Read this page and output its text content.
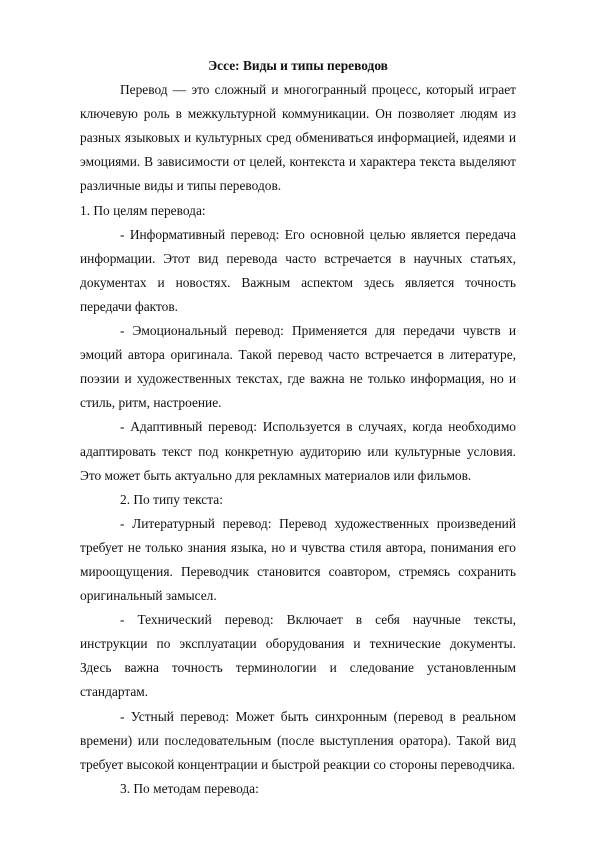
Эссе: Виды и типы переводов

Перевод — это сложный и многогранный процесс, который играет ключевую роль в межкультурной коммуникации. Он позволяет людям из разных языковых и культурных сред обмениваться информацией, идеями и эмоциями. В зависимости от целей, контекста и характера текста выделяют различные виды и типы переводов.

1. По целям перевода:

- Информативный перевод: Его основной целью является передача информации. Этот вид перевода часто встречается в научных статьях, документах и новостях. Важным аспектом здесь является точность передачи фактов.

- Эмоциональный перевод: Применяется для передачи чувств и эмоций автора оригинала. Такой перевод часто встречается в литературе, поэзии и художественных текстах, где важна не только информация, но и стиль, ритм, настроение.

- Адаптивный перевод: Используется в случаях, когда необходимо адаптировать текст под конкретную аудиторию или культурные условия. Это может быть актуально для рекламных материалов или фильмов.

2. По типу текста:

- Литературный перевод: Перевод художественных произведений требует не только знания языка, но и чувства стиля автора, понимания его мироощущения. Переводчик становится соавтором, стремясь сохранить оригинальный замысел.

- Технический перевод: Включает в себя научные тексты, инструкции по эксплуатации оборудования и технические документы. Здесь важна точность терминологии и следование установленным стандартам.

- Устный перевод: Может быть синхронным (перевод в реальном времени) или последовательным (после выступления оратора). Такой вид требует высокой концентрации и быстрой реакции со стороны переводчика.

3. По методам перевода:
